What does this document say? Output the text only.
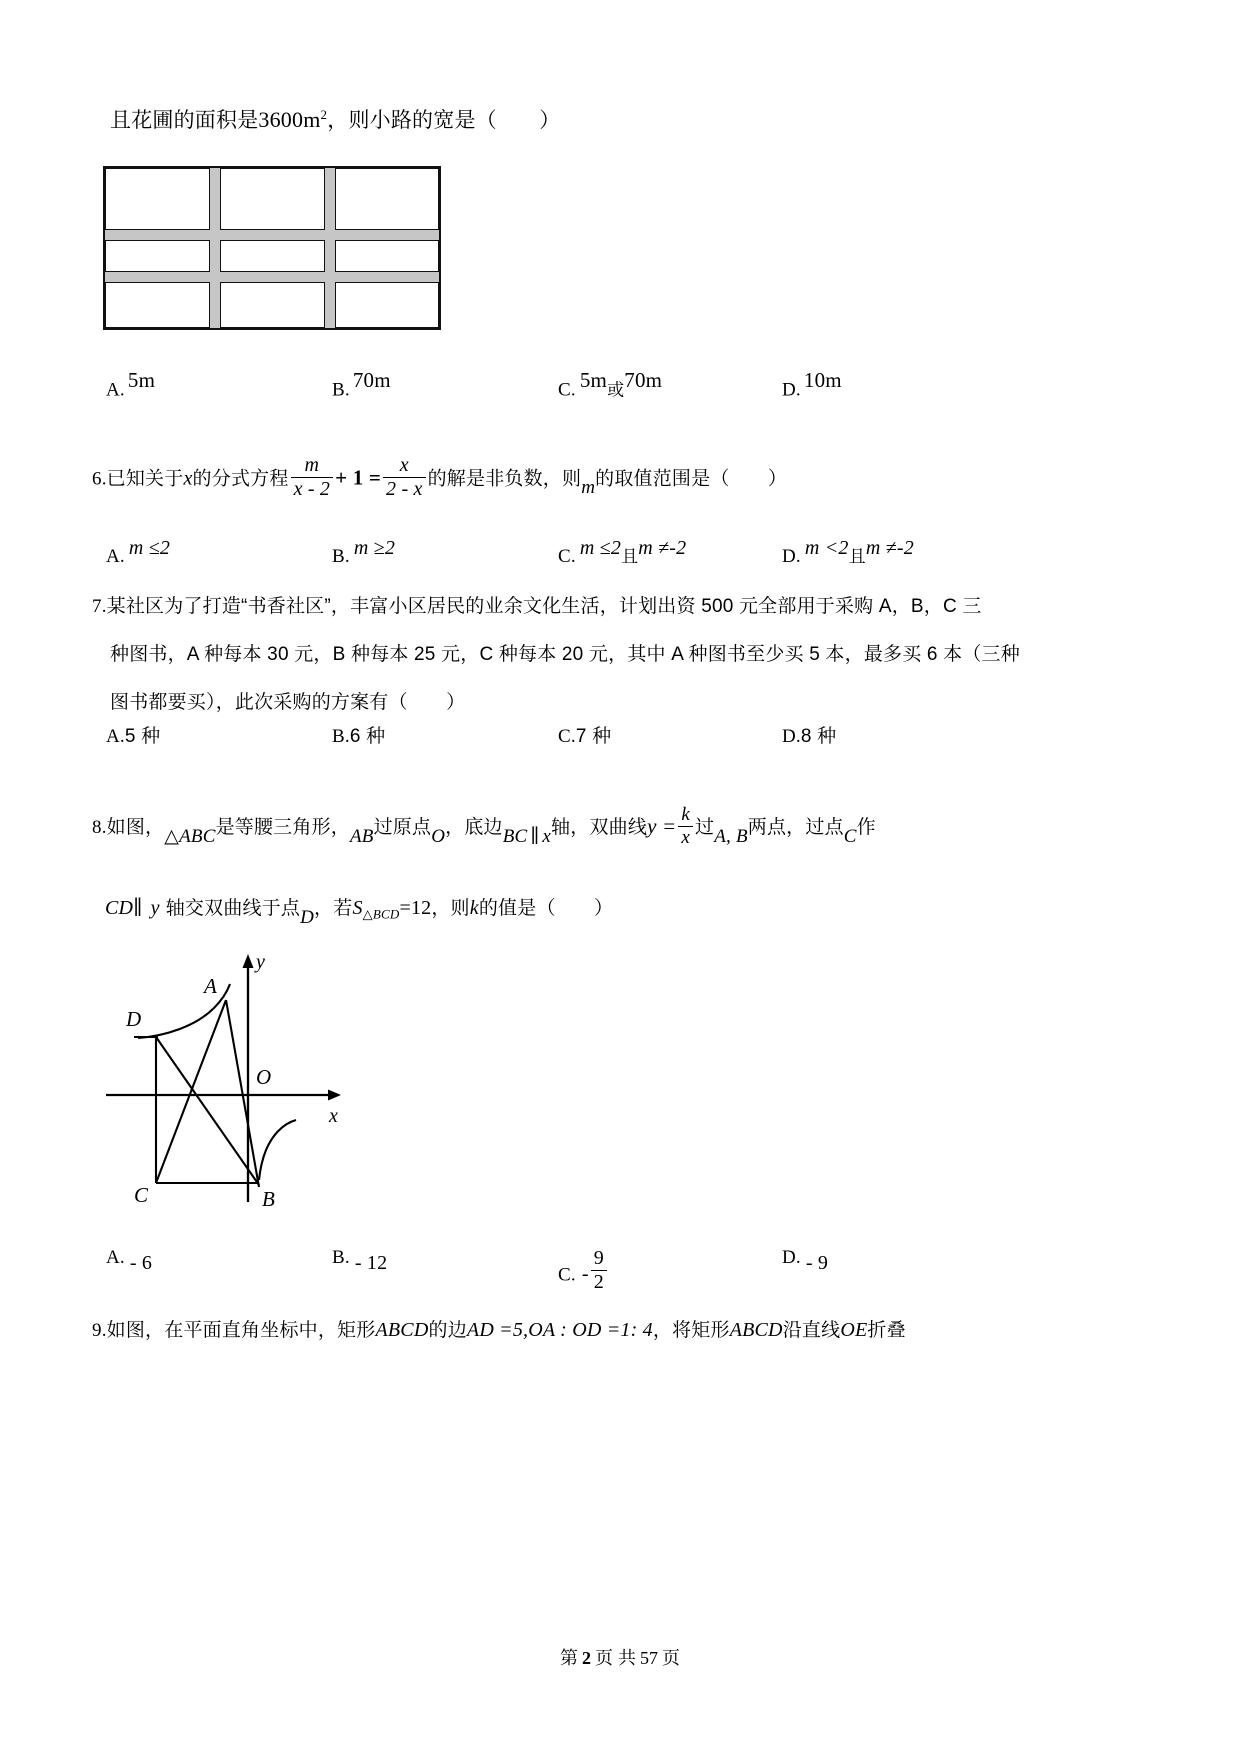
且花圃的面积是$3600m^2$，则小路的宽是（　　）
A. 5m	B. 70m	C. 5m或70m	D. 10m
6.已知关于x的分式方程 $\frac{m}{x - 2} + 1 = \frac{x}{2 - x}$ 的解是非负数，则m的取值范围是（　　）
A. m ≤2	B. m ≥2	C. m ≤2且m ≠-2	D. m <2且m ≠-2
7.某社区为了打造“书香社区”，丰富小区居民的业余文化生活，计划出资 500 元全部用于采购 A，B，C 三
种图书，A 种每本 30 元，B 种每本 25 元，C 种每本 20 元，其中 A 种图书至少买 5 本，最多买 6 本（三种
图书都要买），此次采购的方案有（　　）
A.5 种	B.6 种	C.7 种	D.8 种
8.如图，△ABC是等腰三角形，AB过原点O，底边BC ∥ x轴，双曲线$y = \frac{k}{x}$ 过A, B两点，过点C作
CD∥ y 轴交双曲线于点D，若$S_{\triangle BCD}=12$，则k的值是（　　）
A
D
C	B
O
x
y
A. - 6	B. - 12
C. - $\frac{9}{2}$	D. - 9
9.如图，在平面直角坐标中，矩形ABCD的边AD =5,OA : OD =1: 4，将矩形ABCD沿直线OE折叠
第 2 页 共 57 页
